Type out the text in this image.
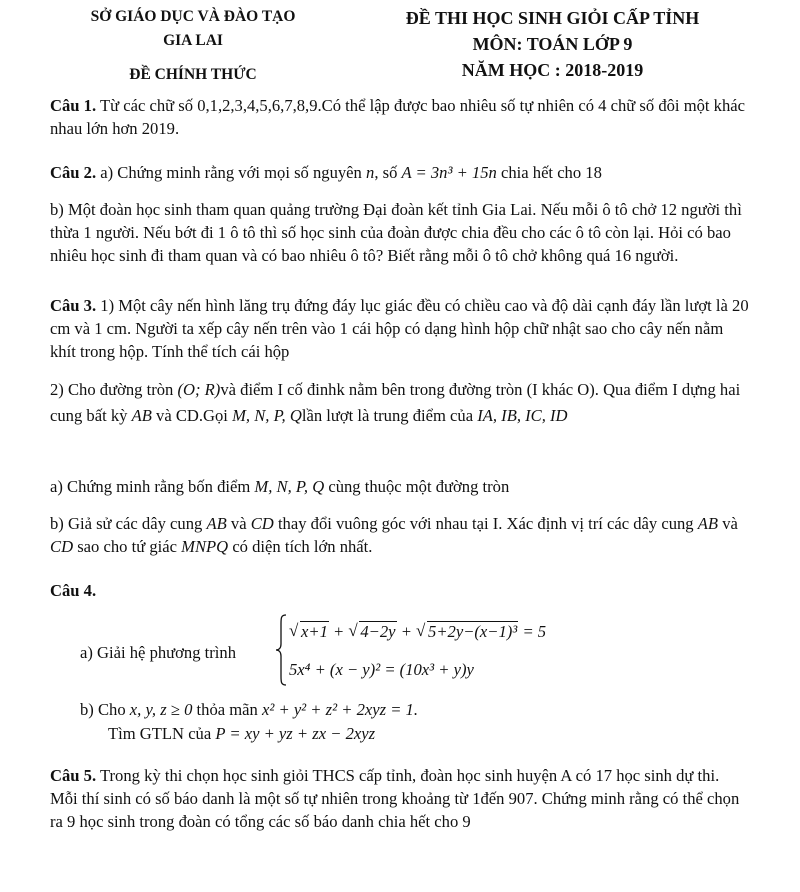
SỞ GIÁO DỤC VÀ ĐÀO TẠO
GIA LAI
ĐỀ CHÍNH THỨC
ĐỀ THI HỌC SINH GIỎI CẤP TỈNH
MÔN: TOÁN LỚP 9
NĂM HỌC : 2018-2019
Câu 1. Từ các chữ số 0,1,2,3,4,5,6,7,8,9.Có thể lập được bao nhiêu số tự nhiên có 4 chữ số đôi một khác nhau lớn hơn 2019.
Câu 2. a) Chứng minh rằng với mọi số nguyên n, số A = 3n³ + 15n chia hết cho 18
b) Một đoàn học sinh tham quan quảng trường Đại đoàn kết tỉnh Gia Lai. Nếu mỗi ô tô chở 12 người thì thừa 1 người. Nếu bớt đi 1 ô tô thì số học sinh của đoàn được chia đều cho các ô tô còn lại. Hỏi có bao nhiêu học sinh đi tham quan và có bao nhiêu ô tô? Biết rằng mỗi ô tô chở không quá 16 người.
Câu 3. 1) Một cây nến hình lăng trụ đứng đáy lục giác đều có chiều cao và độ dài cạnh đáy lần lượt là 20 cm và 1 cm. Người ta xếp cây nến trên vào 1 cái hộp có dạng hình hộp chữ nhật sao cho cây nến nằm khít trong hộp. Tính thể tích cái hộp
2) Cho đường tròn (O; R)và điểm I cố đinhk nằm bên trong đường tròn (I khác O). Qua điểm I dựng hai cung bất kỳ AB và CD.Gọi M, N, P, Qlần lượt là trung điểm của IA, IB, IC, ID
a) Chứng minh rằng bốn điểm M, N, P, Q cùng thuộc một đường tròn
b) Giả sử các dây cung AB và CD thay đổi vuông góc với nhau tại I. Xác định vị trí các dây cung AB và CD sao cho tứ giác MNPQ có diện tích lớn nhất.
Câu 4.
a) Giải hệ phương trình
√ x+1 + √ 4−2y + √ 5+2y−(x−1)³ = 5
5x⁴ + (x − y)² = (10x³ + y)y
b) Cho x, y, z ≥ 0 thỏa mãn x² + y² + z² + 2xyz = 1.
Tìm GTLN của P = xy + yz + zx − 2xyz
Câu 5. Trong kỳ thi chọn học sinh giỏi THCS cấp tỉnh, đoàn học sinh huyện A có 17 học sinh dự thi. Mỗi thí sinh có số báo danh là một số tự nhiên trong khoảng từ 1đến 907. Chứng minh rằng có thể chọn ra 9 học sinh trong đoàn có tổng các số báo danh chia hết cho 9
